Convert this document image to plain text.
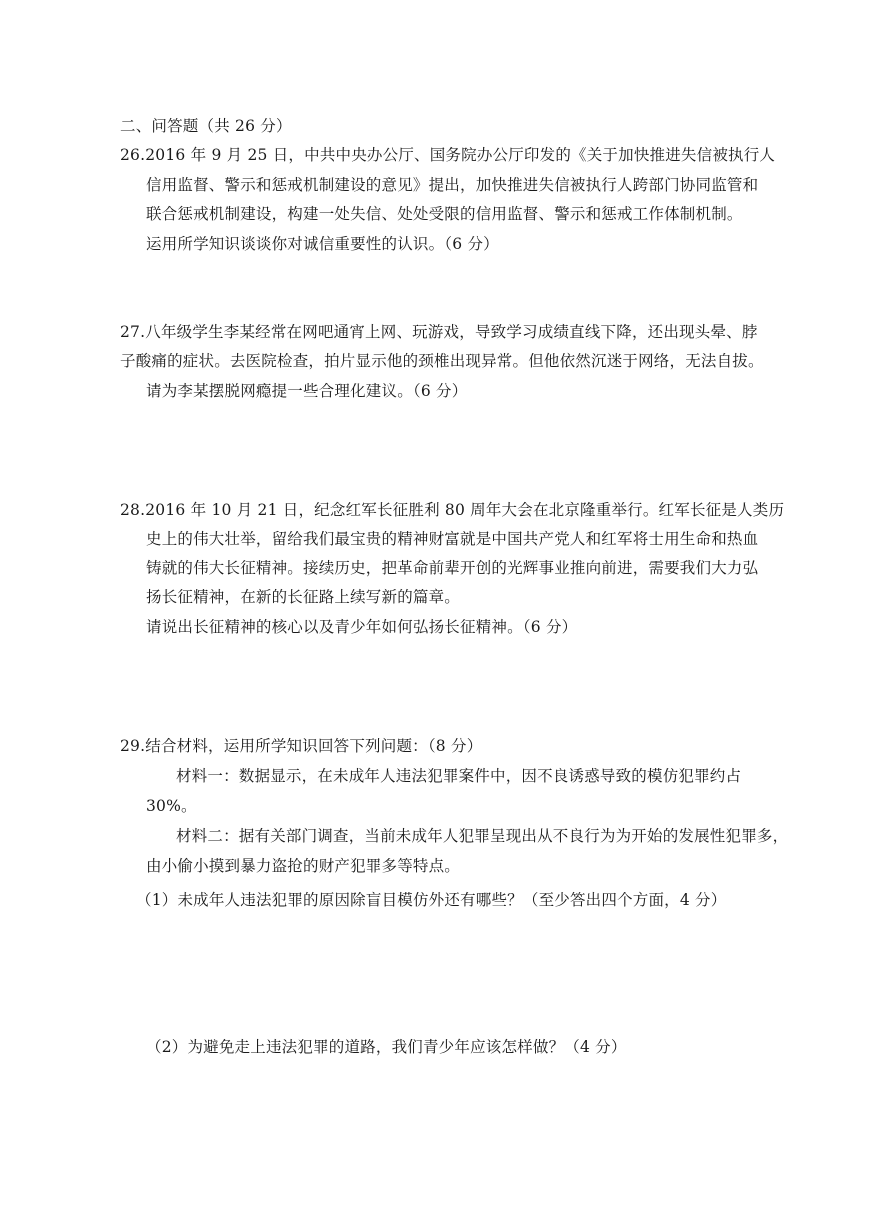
二、问答题（共 26 分）
26.2016 年 9 月 25 日，中共中央办公厅、国务院办公厅印发的《关于加快推进失信被执行人
信用监督、警示和惩戒机制建设的意见》提出，加快推进失信被执行人跨部门协同监管和
联合惩戒机制建设，构建一处失信、处处受限的信用监督、警示和惩戒工作体制机制。
运用所学知识谈谈你对诚信重要性的认识。（6 分）
27.八年级学生李某经常在网吧通宵上网、玩游戏，导致学习成绩直线下降，还出现头晕、脖
子酸痛的症状。去医院检查，拍片显示他的颈椎出现异常。但他依然沉迷于网络，无法自拔。
请为李某摆脱网瘾提一些合理化建议。（6 分）
28.2016 年 10 月 21 日，纪念红军长征胜利 80 周年大会在北京隆重举行。红军长征是人类历
史上的伟大壮举，留给我们最宝贵的精神财富就是中国共产党人和红军将士用生命和热血
铸就的伟大长征精神。接续历史，把革命前辈开创的光辉事业推向前进，需要我们大力弘
扬长征精神，在新的长征路上续写新的篇章。
请说出长征精神的核心以及青少年如何弘扬长征精神。（6 分）
29.结合材料，运用所学知识回答下列问题：（8 分）
材料一：数据显示，在未成年人违法犯罪案件中，因不良诱惑导致的模仿犯罪约占
30%。
材料二：据有关部门调查，当前未成年人犯罪呈现出从不良行为为开始的发展性犯罪多，
由小偷小摸到暴力盗抢的财产犯罪多等特点。
（1）未成年人违法犯罪的原因除盲目模仿外还有哪些？（至少答出四个方面，4 分）
（2）为避免走上违法犯罪的道路，我们青少年应该怎样做？（4 分）
